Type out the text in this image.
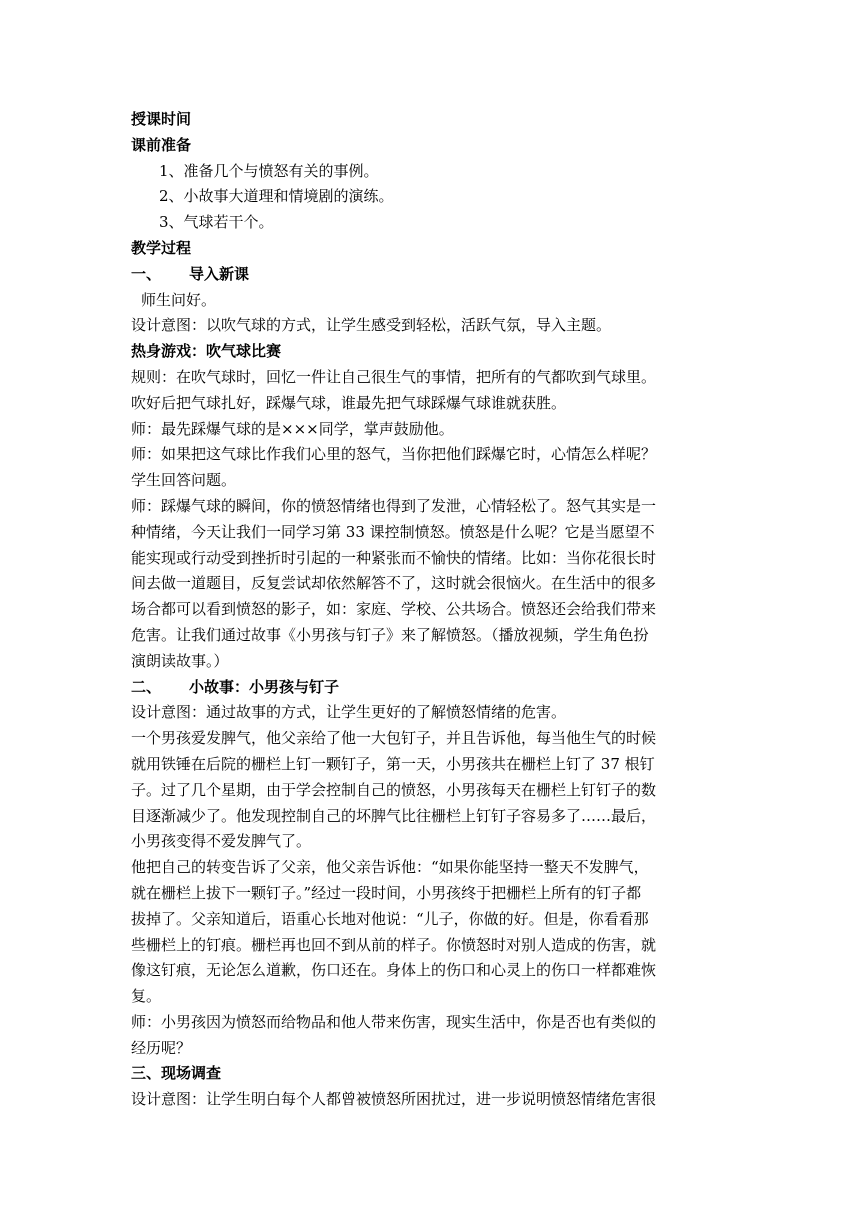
授课时间
课前准备
1、准备几个与愤怒有关的事例。
2、小故事大道理和情境剧的演练。
3、气球若干个。
教学过程
一、 导入新课
师生问好。
设计意图：以吹气球的方式，让学生感受到轻松，活跃气氛，导入主题。
热身游戏：吹气球比赛
规则：在吹气球时，回忆一件让自己很生气的事情，把所有的气都吹到气球里。
吹好后把气球扎好，踩爆气球，谁最先把气球踩爆气球谁就获胜。
师：最先踩爆气球的是×××同学，掌声鼓励他。
师：如果把这气球比作我们心里的怒气，当你把他们踩爆它时，心情怎么样呢？
学生回答问题。
师：踩爆气球的瞬间，你的愤怒情绪也得到了发泄，心情轻松了。怒气其实是一
种情绪，今天让我们一同学习第 33 课控制愤怒。愤怒是什么呢？它是当愿望不
能实现或行动受到挫折时引起的一种紧张而不愉快的情绪。比如：当你花很长时
间去做一道题目，反复尝试却依然解答不了，这时就会很恼火。在生活中的很多
场合都可以看到愤怒的影子，如：家庭、学校、公共场合。愤怒还会给我们带来
危害。让我们通过故事《小男孩与钉子》来了解愤怒。（播放视频，学生角色扮
演朗读故事。）
二、 小故事：小男孩与钉子
设计意图：通过故事的方式，让学生更好的了解愤怒情绪的危害。
一个男孩爱发脾气，他父亲给了他一大包钉子，并且告诉他，每当他生气的时候
就用铁锤在后院的栅栏上钉一颗钉子，第一天，小男孩共在栅栏上钉了 37 根钉
子。过了几个星期，由于学会控制自己的愤怒，小男孩每天在栅栏上钉钉子的数
目逐渐减少了。他发现控制自己的坏脾气比往栅栏上钉钉子容易多了……最后，
小男孩变得不爱发脾气了。
他把自己的转变告诉了父亲，他父亲告诉他：“如果你能坚持一整天不发脾气，
就在栅栏上拔下一颗钉子。”经过一段时间，小男孩终于把栅栏上所有的钉子都
拔掉了。父亲知道后，语重心长地对他说：“儿子，你做的好。但是，你看看那
些栅栏上的钉痕。栅栏再也回不到从前的样子。你愤怒时对别人造成的伤害，就
像这钉痕，无论怎么道歉，伤口还在。身体上的伤口和心灵上的伤口一样都难恢
复。
师：小男孩因为愤怒而给物品和他人带来伤害，现实生活中，你是否也有类似的
经历呢？
三、现场调查
设计意图：让学生明白每个人都曾被愤怒所困扰过，进一步说明愤怒情绪危害很
